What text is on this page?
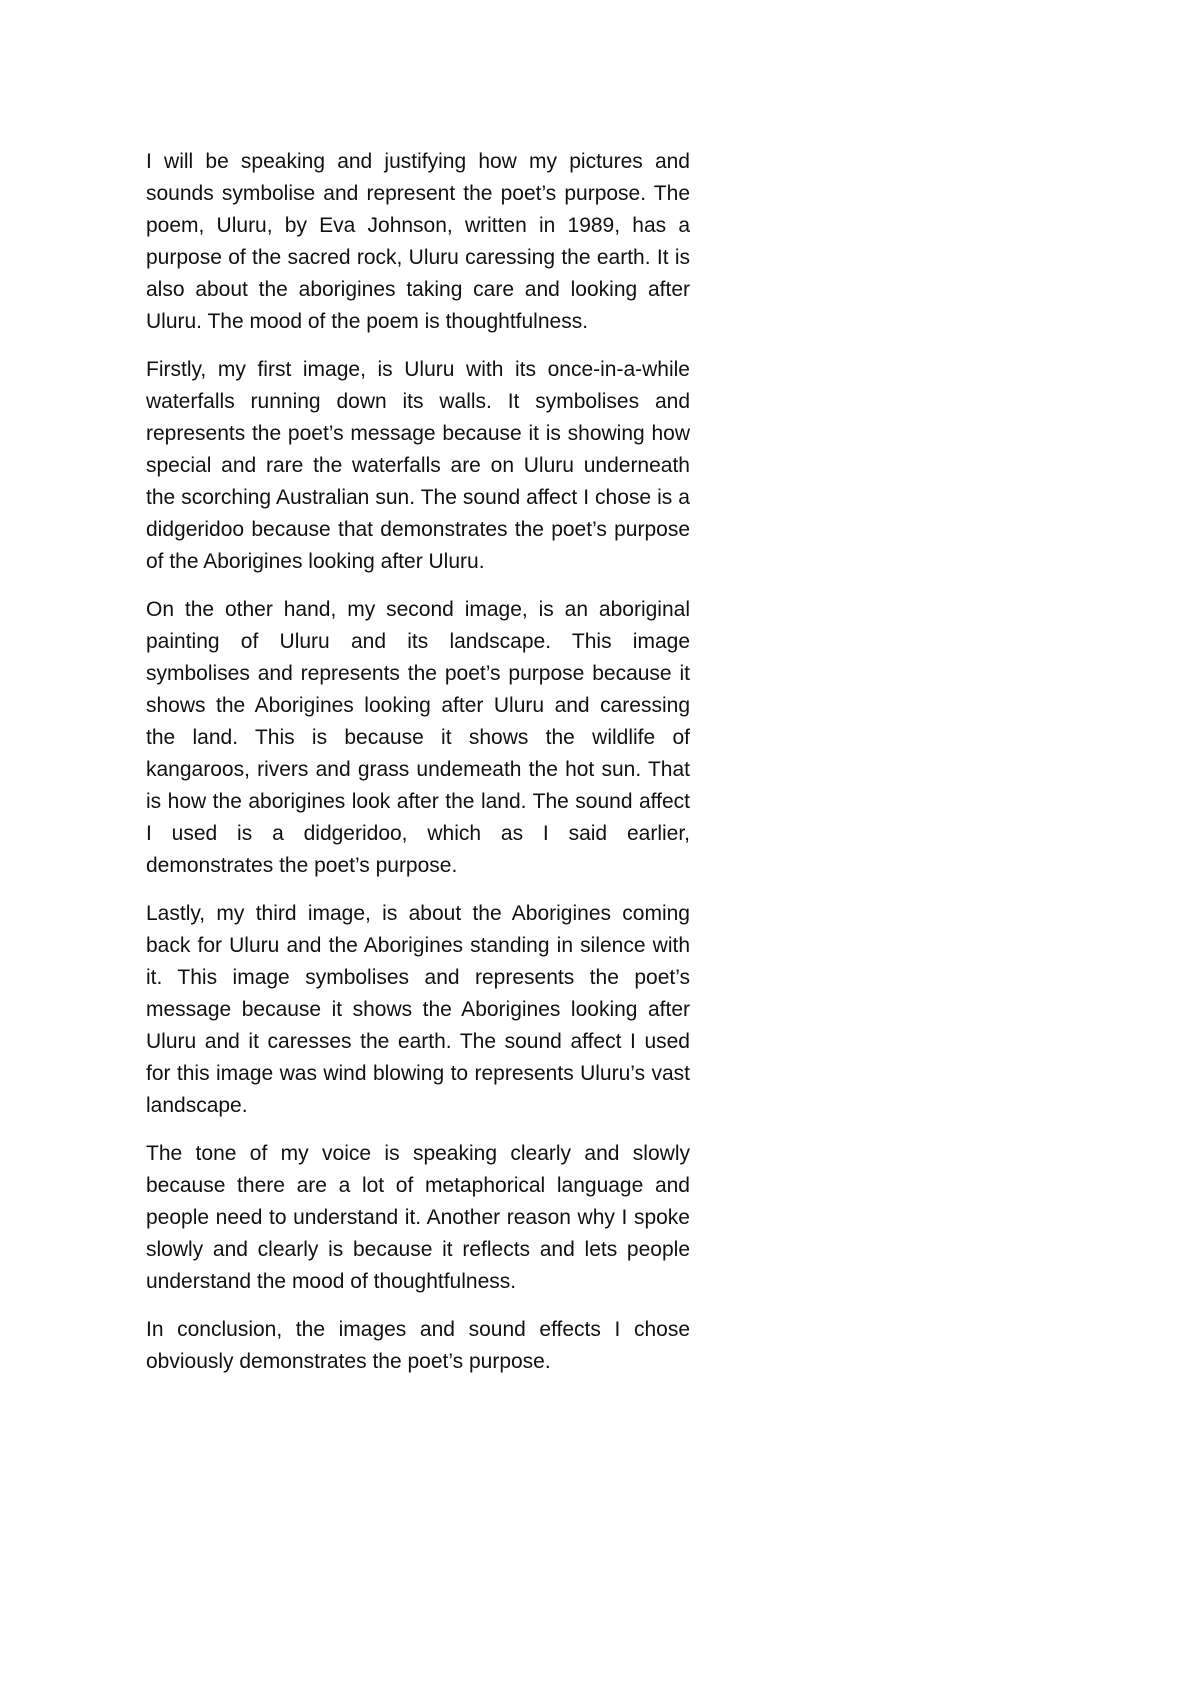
I will be speaking and justifying how my pictures and sounds symbolise and represent the poet’s purpose. The poem, Uluru, by Eva Johnson, written in 1989, has a purpose of the sacred rock, Uluru caressing the earth. It is also about the aborigines taking care and looking after Uluru. The mood of the poem is thoughtfulness.

Firstly, my first image, is Uluru with its once-in-a-while waterfalls running down its walls. It symbolises and represents the poet’s message because it is showing how special and rare the waterfalls are on Uluru underneath the scorching Australian sun. The sound affect I chose is a didgeridoo because that demonstrates the poet’s purpose of the Aborigines looking after Uluru.

On the other hand, my second image, is an aboriginal painting of Uluru and its landscape. This image symbolises and represents the poet’s purpose because it shows the Aborigines looking after Uluru and caressing the land. This is because it shows the wildlife of kangaroos, rivers and grass undemeath the hot sun. That is how the aborigines look after the land. The sound affect I used is a didgeridoo, which as I said earlier, demonstrates the poet’s purpose.

Lastly, my third image, is about the Aborigines coming back for Uluru and the Aborigines standing in silence with it. This image symbolises and represents the poet’s message because it shows the Aborigines looking after Uluru and it caresses the earth. The sound affect I used for this image was wind blowing to represents Uluru’s vast landscape.

The tone of my voice is speaking clearly and slowly because there are a lot of metaphorical language and people need to understand it. Another reason why I spoke slowly and clearly is because it reflects and lets people understand the mood of thoughtfulness.

In conclusion, the images and sound effects I chose obviously demonstrates the poet’s purpose.
